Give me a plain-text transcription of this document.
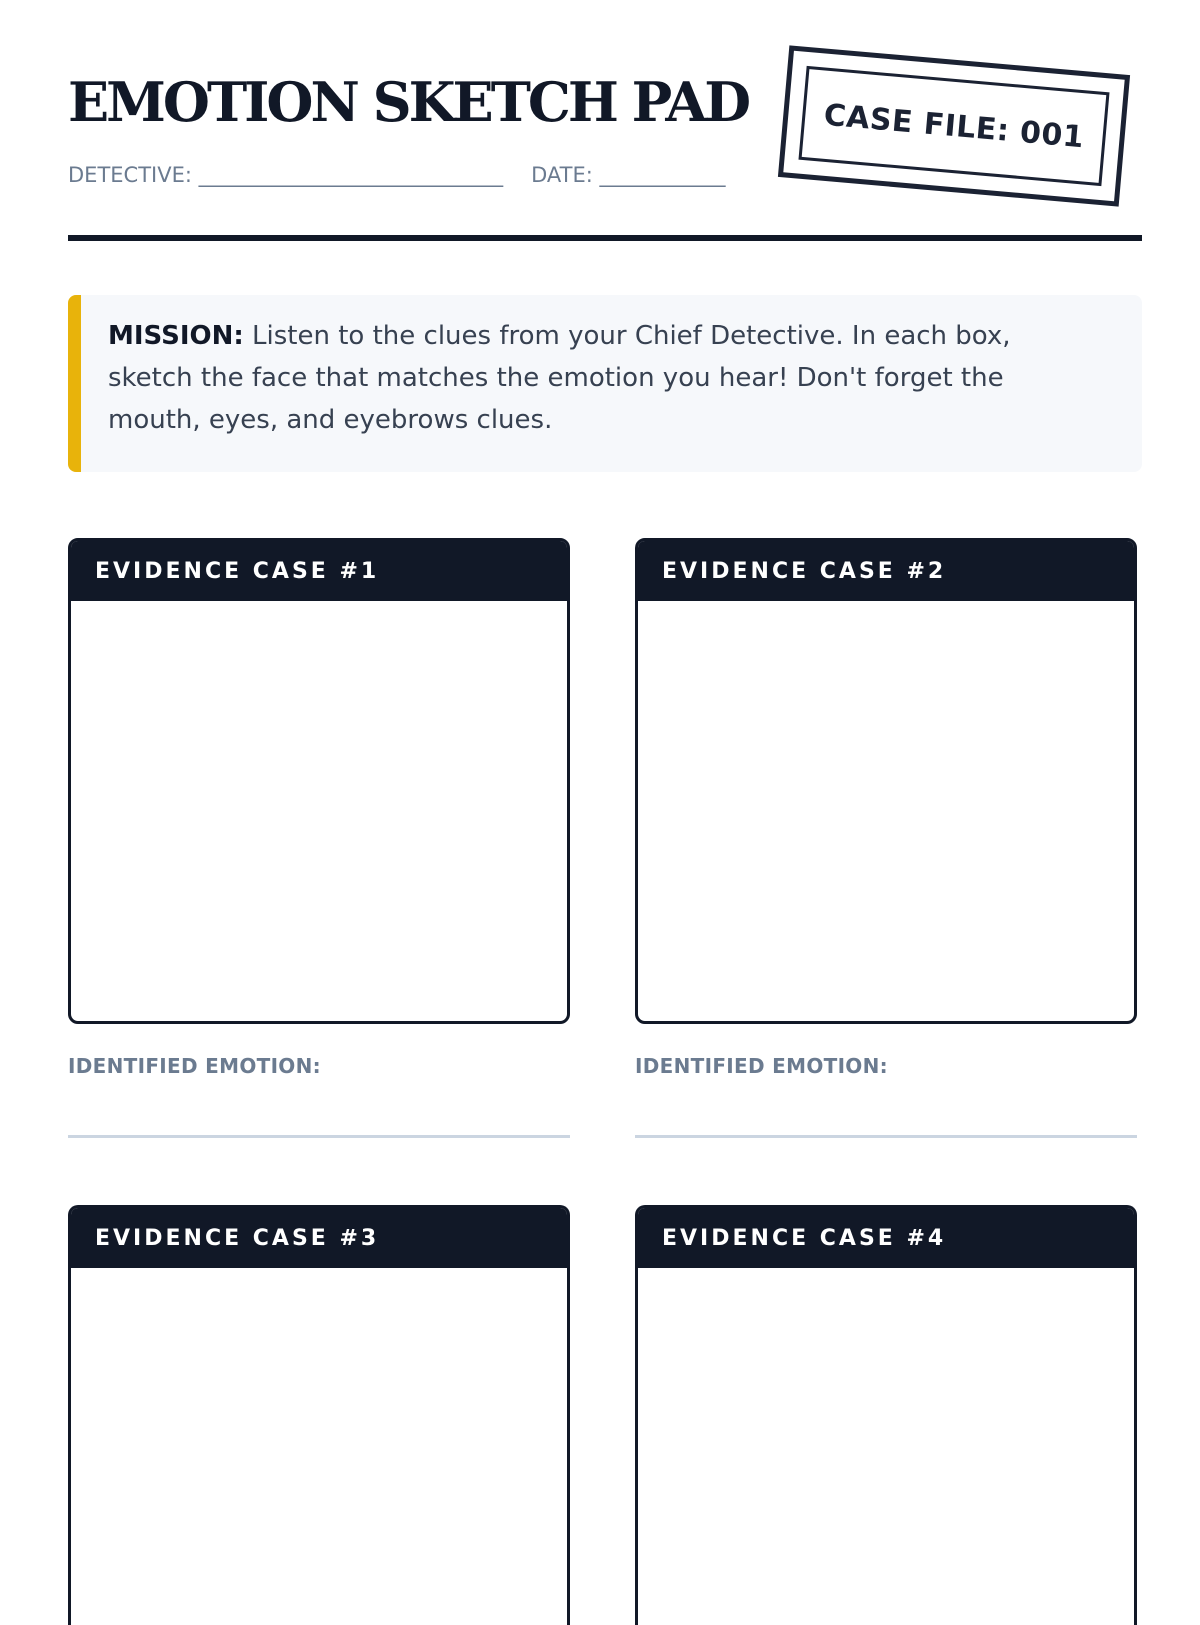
EMOTION SKETCH PAD
DETECTIVE: _____________________________ DATE: ____________
CASE FILE: 001
MISSION: Listen to the clues from your Chief Detective. In each box, sketch the face that matches the emotion you hear! Don't forget the mouth, eyes, and eyebrows clues.
EVIDENCE CASE #1
IDENTIFIED EMOTION:
EVIDENCE CASE #2
IDENTIFIED EMOTION:
EVIDENCE CASE #3	EVIDENCE CASE #4
